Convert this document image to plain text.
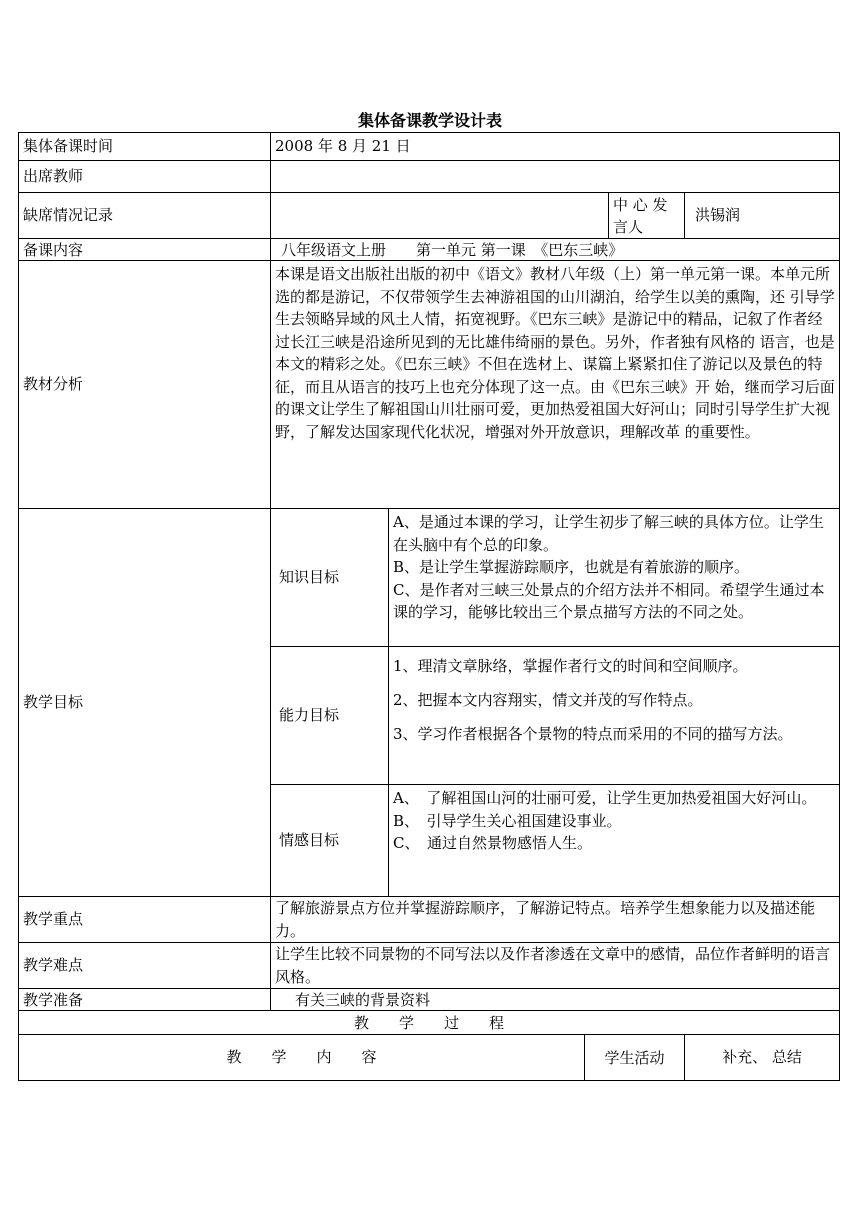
集体备课教学设计表
集体备课时间	2008 年 8 月 21 日				
出席教师					
缺席情况记录				中 心 发 言人	洪锡润
备课内容	八年级语文上册　　第一单元 第一课　《巴东三峡》				
教材分析	本课是语文出版社出版的初中《语文》教材八年级（上）第一单元第一课。本单元所选的都是游记，不仅带领学生去神游祖国的山川湖泊，给学生以美的熏陶，还 引导学生去领略异域的风土人情，拓宽视野。《巴东三峡》是游记中的精品，记叙了作者经过长江三峡是沿途所见到的无比雄伟绮丽的景色。另外，作者独有风格的 语言，也是本文的精彩之处。《巴东三峡》不但在选材上、谋篇上紧紧扣住了游记以及景色的特征，而且从语言的技巧上也充分体现了这一点。由《巴东三峡》开 始，继而学习后面的课文让学生了解祖国山川壮丽可爱，更加热爱祖国大好河山；同时引导学生扩大视野，了解发达国家现代化状况，增强对外开放意识，理解改革 的重要性。				
教学目标	知识目标	A、是通过本课的学习，让学生初步了解三峡的具体方位。让学生在头脑中有个总的印象。
B、是让学生掌握游踪顺序，也就是有着旅游的顺序。
C、是作者对三峡三处景点的介绍方法并不相同。希望学生通过本课的学习，能够比较出三个景点描写方法的不同之处。			

	能力目标	1、理清文章脉络，掌握作者行文的时间和空间顺序。

2、把握本文内容翔实，情文并茂的写作特点。

3、学习作者根据各个景物的特点而采用的不同的描写方法。			

	情感目标	A、　了解祖国山河的壮丽可爱，让学生更加热爱祖国大好河山。
B、　引导学生关心祖国建设事业。
C、　通过自然景物感悟人生。			

教学重点	了解旅游景点方位并掌握游踪顺序，了解游记特点。培养学生想象能力以及描述能力。				
教学难点	让学生比较不同景物的不同写法以及作者渗透在文章中的感情，品位作者鲜明的语言风格。				
教学准备	有关三峡的背景资料				
教　　学　　过　　程					
教　　学　　内　　容			学生活动		补充、 总结
